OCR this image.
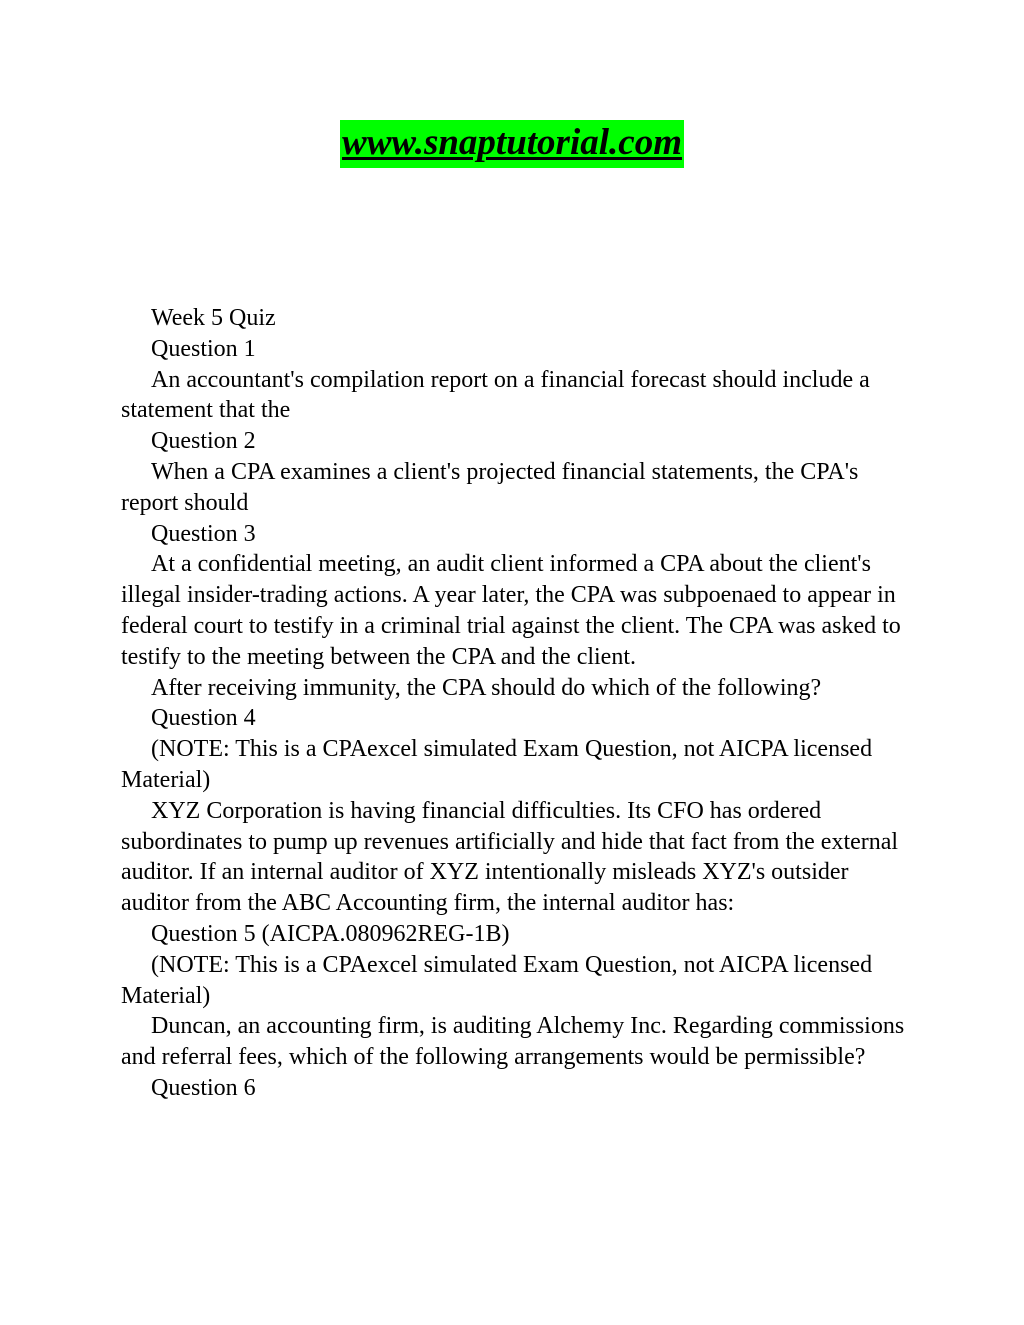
www.snaptutorial.com

Week 5 Quiz

Question 1

An accountant's compilation report on a financial forecast should include a statement that the

Question 2

When a CPA examines a client's projected financial statements, the CPA's report should

Question 3

At a confidential meeting, an audit client informed a CPA about the client's illegal insider-trading actions. A year later, the CPA was subpoenaed to appear in federal court to testify in a criminal trial against the client. The CPA was asked to testify to the meeting between the CPA and the client.

After receiving immunity, the CPA should do which of the following?

Question 4

(NOTE: This is a CPAexcel simulated Exam Question, not AICPA licensed Material)

XYZ Corporation is having financial difficulties. Its CFO has ordered subordinates to pump up revenues artificially and hide that fact from the external auditor. If an internal auditor of XYZ intentionally misleads XYZ's outsider auditor from the ABC Accounting firm, the internal auditor has:

Question 5 (AICPA.080962REG-1B)

(NOTE: This is a CPAexcel simulated Exam Question, not AICPA licensed Material)

Duncan, an accounting firm, is auditing Alchemy Inc. Regarding commissions and referral fees, which of the following arrangements would be permissible?

Question 6
